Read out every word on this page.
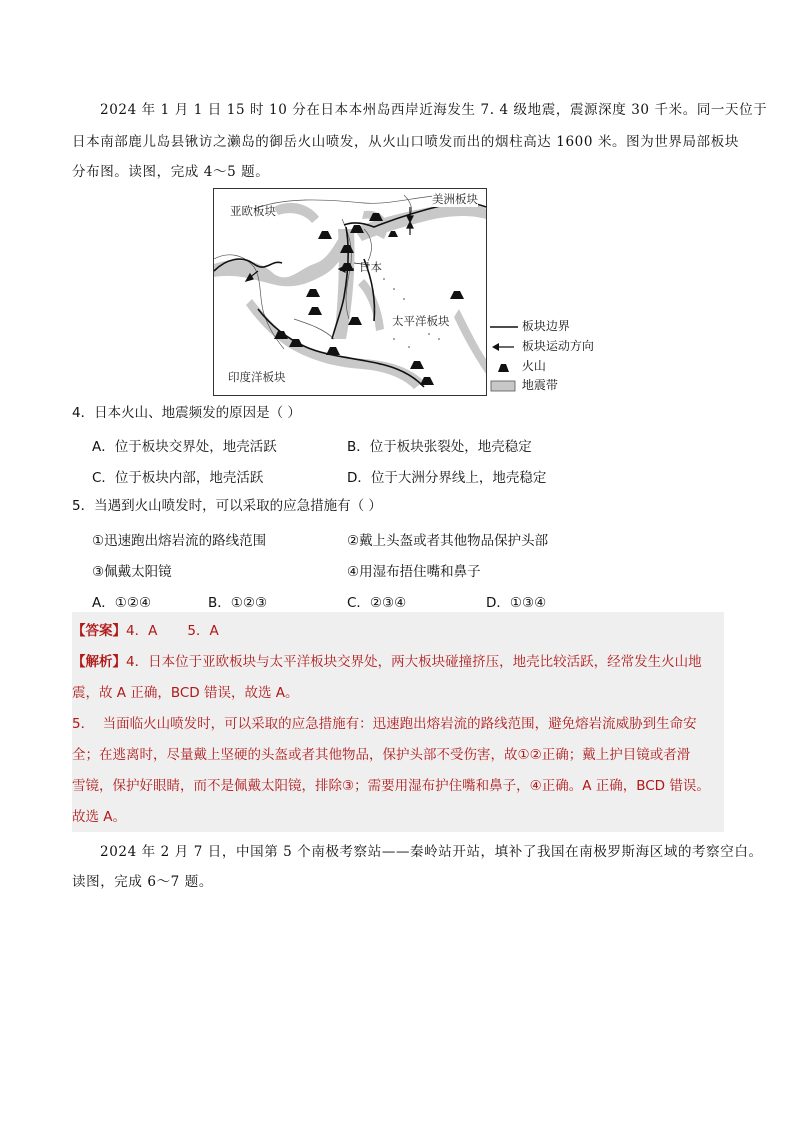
2024 年 1 月 1 日 15 时 10 分在日本本州岛西岸近海发生 7. 4 级地震，震源深度 30 千米。同一天位于
日本南部鹿儿岛县锹访之濑岛的御岳火山喷发，从火山口喷发而出的烟柱高达 1600 米。图为世界局部板块
分布图。读图，完成 4～5 题。
亚欧板块
美洲板块
日本
太平洋板块
印度洋板块
板块边界
板块运动方向
火山
地震带
4．日本火山、地震频发的原因是（ ）
A．位于板块交界处，地壳活跃	B．位于板块张裂处，地壳稳定
C．位于板块内部，地壳活跃	D．位于大洲分界线上，地壳稳定
5．当遇到火山喷发时，可以采取的应急措施有（ ）
①迅速跑出熔岩流的路线范围	②戴上头盔或者其他物品保护头部
③佩戴太阳镜	④用湿布捂住嘴和鼻子
A．①②④	B．①②③	C．②③④	D．①③④
【答案】4．A       5．A
【解析】4．日本位于亚欧板块与太平洋板块交界处，两大板块碰撞挤压，地壳比较活跃，经常发生火山地
震，故 A 正确，BCD 错误，故选 A。
5．  当面临火山喷发时，可以采取的应急措施有：迅速跑出熔岩流的路线范围，避免熔岩流威胁到生命安
全；在逃离时，尽量戴上坚硬的头盔或者其他物品，保护头部不受伤害，故①②正确；戴上护目镜或者滑
雪镜，保护好眼睛，而不是佩戴太阳镜，排除③；需要用湿布护住嘴和鼻子，④正确。A 正确，BCD 错误。
故选 A。
2024 年 2 月 7 日，中国第 5 个南极考察站——秦岭站开站，填补了我国在南极罗斯海区域的考察空白。
读图，完成 6～7 题。
